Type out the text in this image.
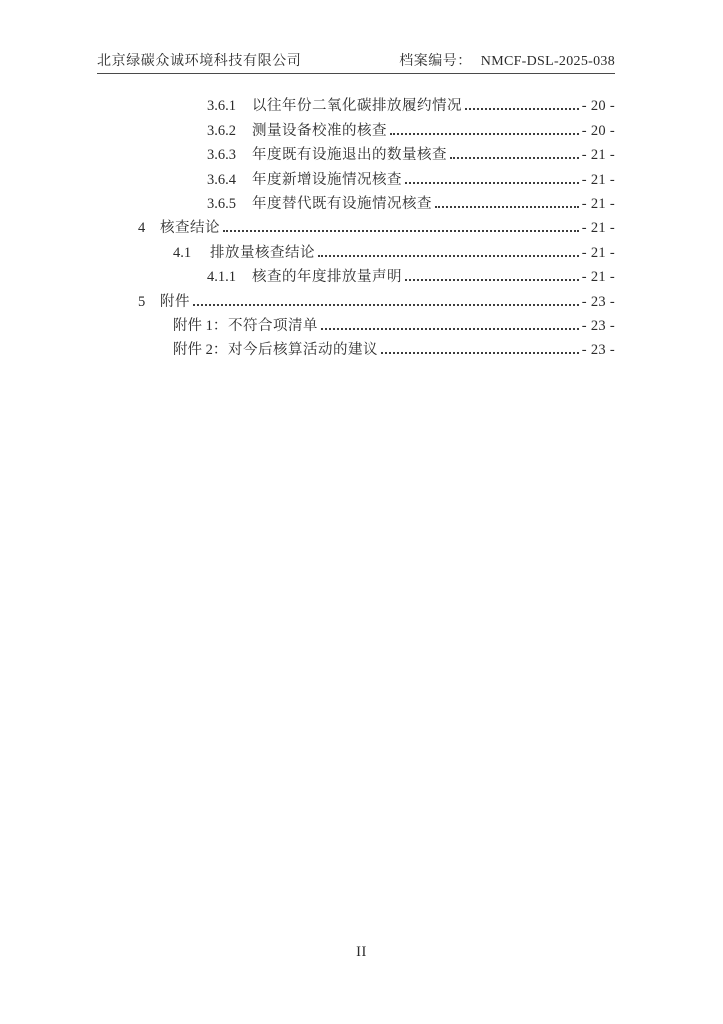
北京绿碳众诚环境科技有限公司	档案编号： NMCF-DSL-2025-038
3.6.1	以往年份二氧化碳排放履约情况	- 20 -
3.6.2	测量设备校准的核查	- 20 -
3.6.3	年度既有设施退出的数量核查	- 21 -
3.6.4	年度新增设施情况核查	- 21 -
3.6.5	年度替代既有设施情况核查	- 21 -
4	核查结论	- 21 -
4.1	排放量核查结论	- 21 -
4.1.1	核查的年度排放量声明	- 21 -
5	附件	- 23 -
附件 1： 不符合项清单	- 23 -
附件 2： 对今后核算活动的建议	- 23 -
II
